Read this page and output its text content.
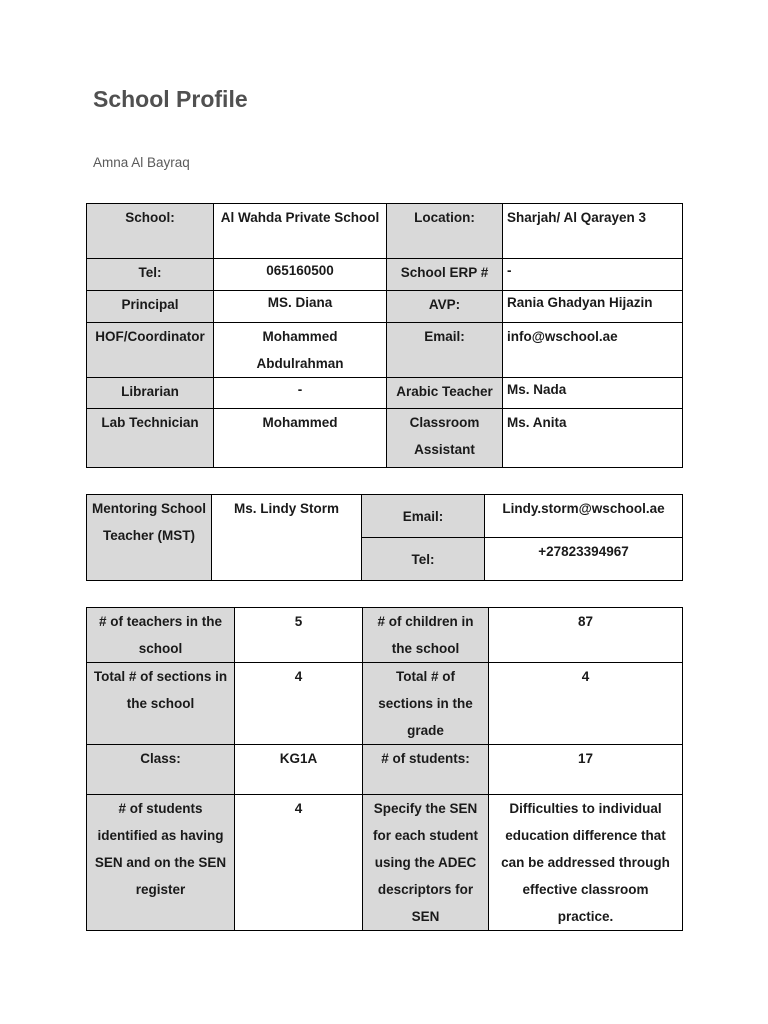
School Profile
Amna Al Bayraq
School:	Al Wahda Private School	Location:	Sharjah/ Al Qarayen 3
Tel:	065160500	School ERP #	-
Principal	MS. Diana	AVP:	Rania Ghadyan Hijazin
HOF/Coordinator	Mohammed Abdulrahman	Email:	info@wschool.ae
Librarian	-	Arabic Teacher	Ms. Nada
Lab Technician	Mohammed	Classroom Assistant	Ms. Anita
Mentoring School Teacher (MST)	Ms. Lindy Storm	Email:	Lindy.storm@wschool.ae
		Tel:	+27823394967
# of teachers in the school	5	# of children in the school	87
Total # of sections in the school	4	Total # of sections in the grade	4
Class:	KG1A	# of students:	17
# of students identified as having SEN and on the SEN register	4	Specify the SEN for each student using the ADEC descriptors for SEN	Difficulties to individual education difference that can be addressed through effective classroom practice.
